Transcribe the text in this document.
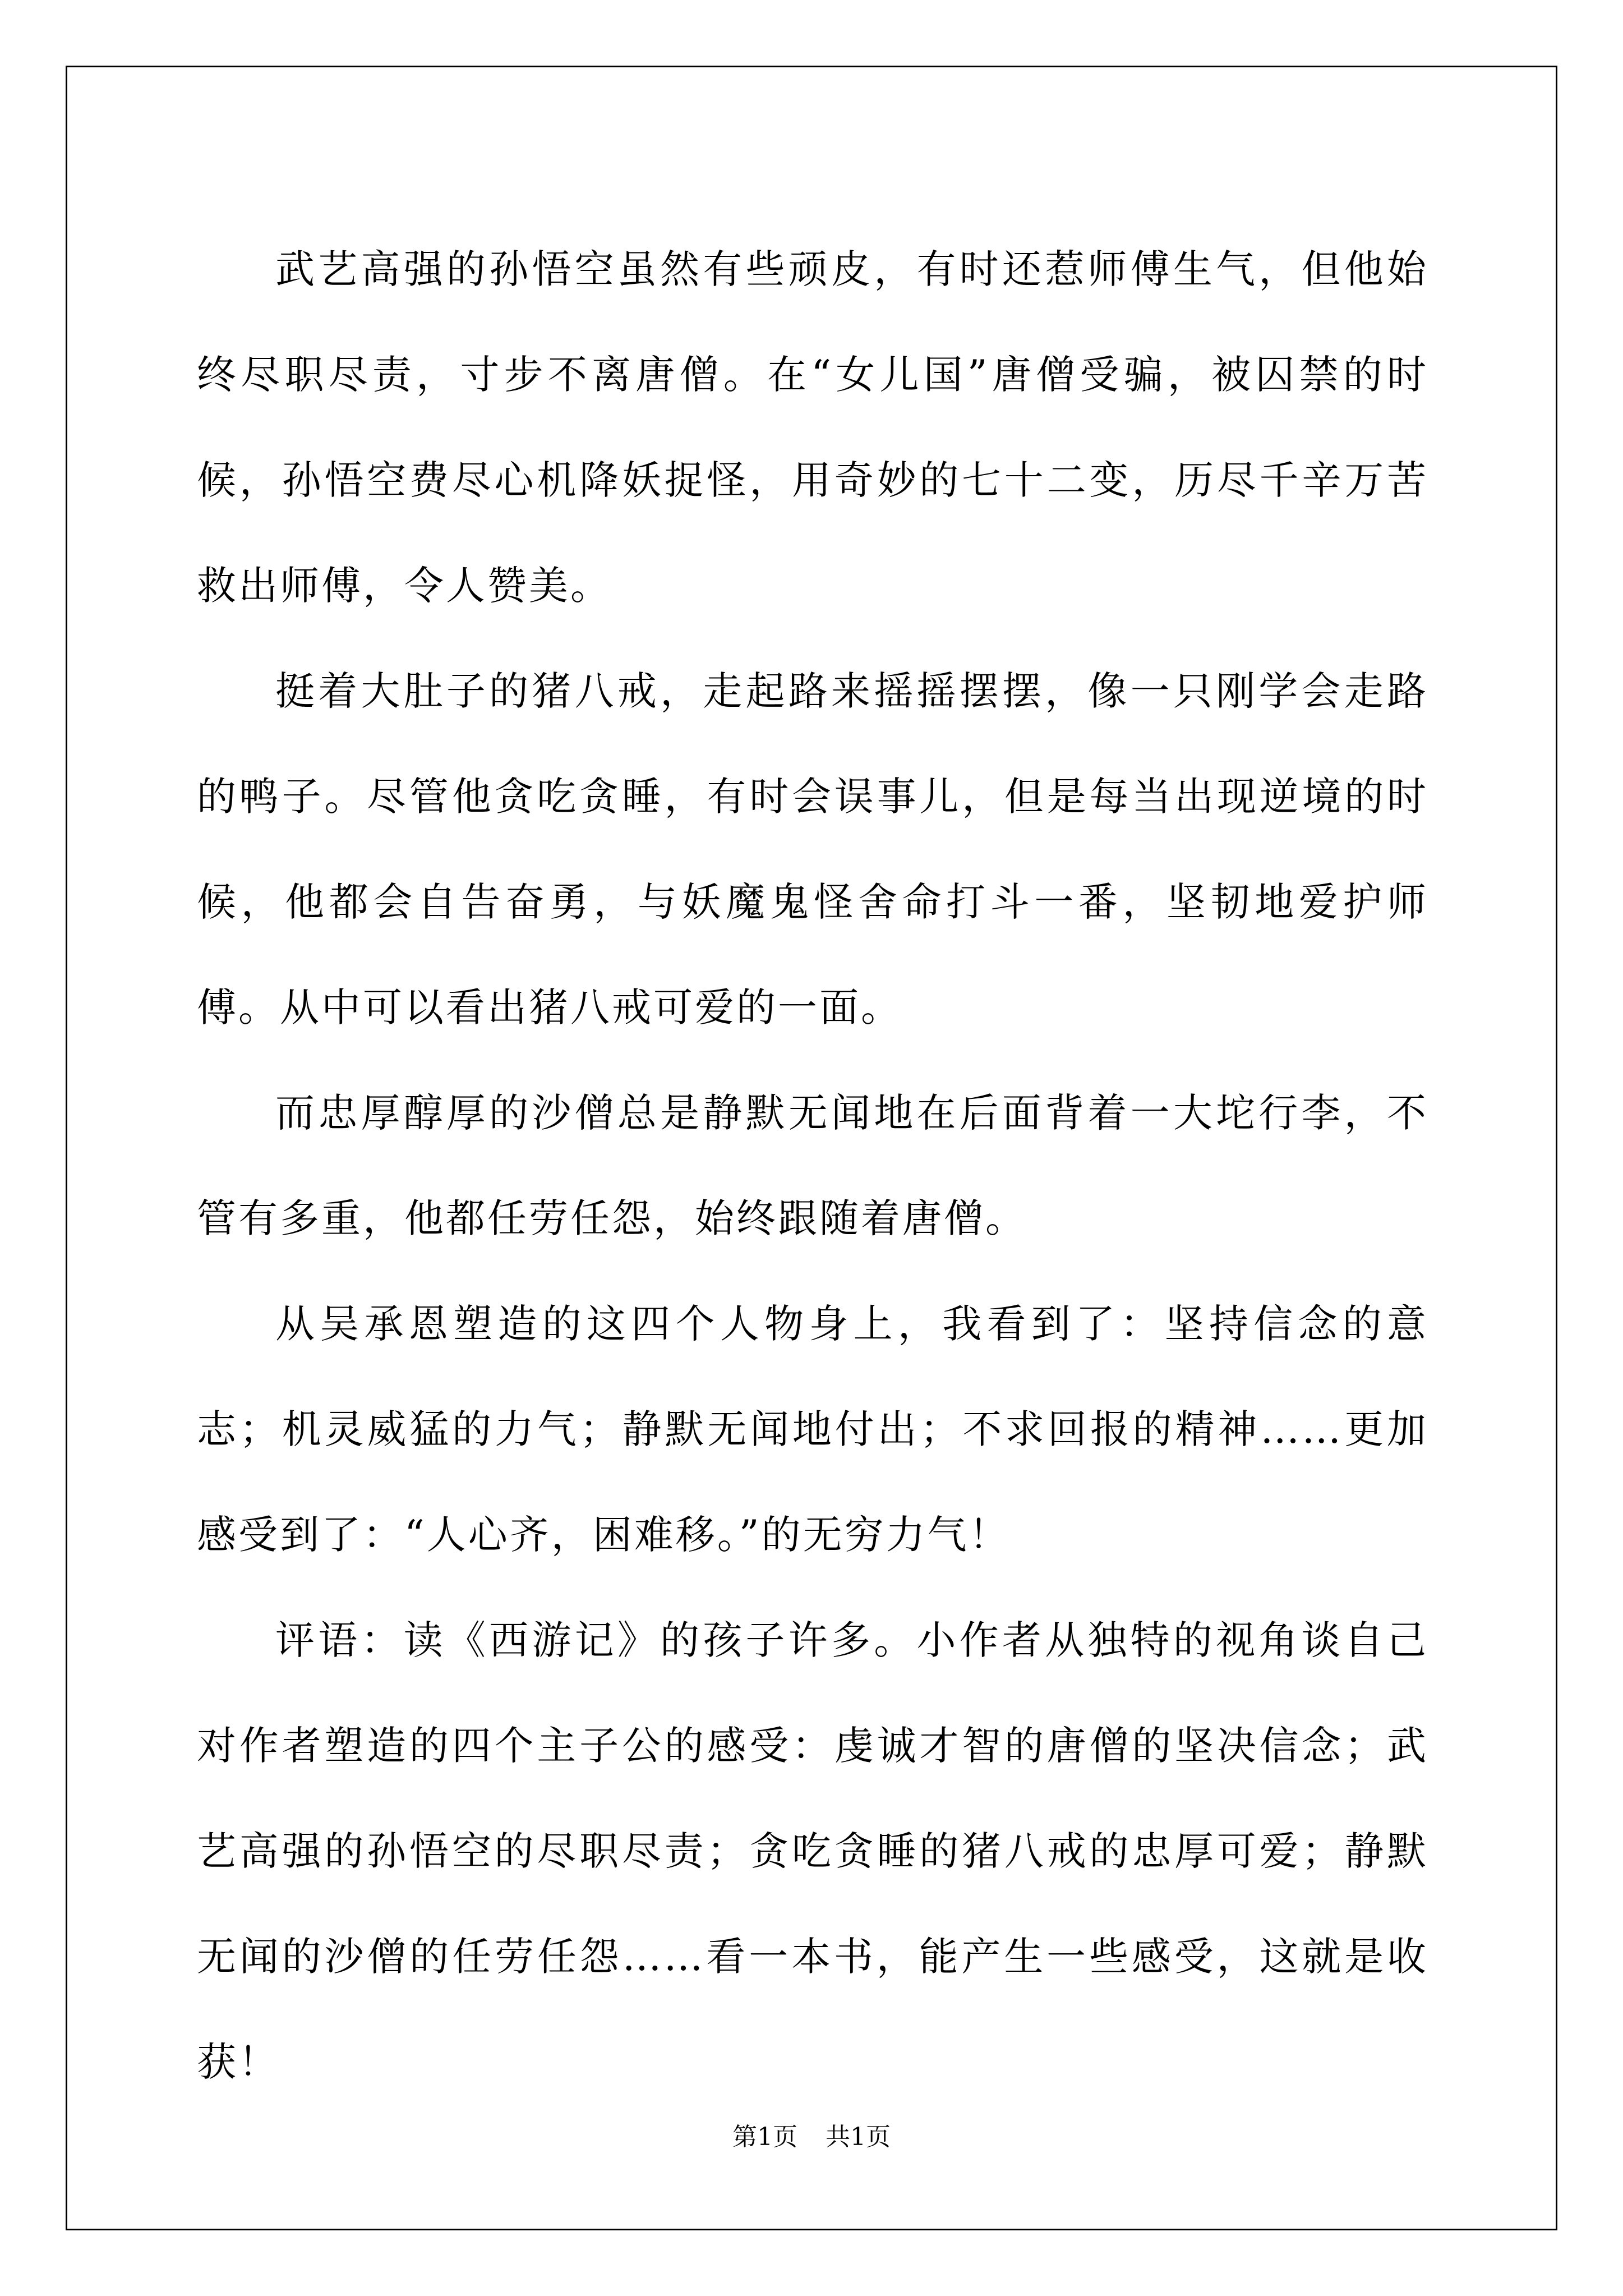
武艺高强的孙悟空虽然有些顽皮，有时还惹师傅生气，但他始终尽职尽责，寸步不离唐僧。在“女儿国”唐僧受骗，被囚禁的时候，孙悟空费尽心机降妖捉怪，用奇妙的七十二变，历尽千辛万苦救出师傅，令人赞美。

挺着大肚子的猪八戒，走起路来摇摇摆摆，像一只刚学会走路的鸭子。尽管他贪吃贪睡，有时会误事儿，但是每当出现逆境的时候，他都会自告奋勇，与妖魔鬼怪舍命打斗一番，坚韧地爱护师傅。从中可以看出猪八戒可爱的一面。

而忠厚醇厚的沙僧总是静默无闻地在后面背着一大坨行李，不管有多重，他都任劳任怨，始终跟随着唐僧。

从吴承恩塑造的这四个人物身上，我看到了：坚持信念的意志；机灵威猛的力气；静默无闻地付出；不求回报的精神……更加感受到了：“人心齐，困难移。”的无穷力气！

评语：读《西游记》的孩子许多。小作者从独特的视角谈自己对作者塑造的四个主子公的感受：虔诚才智的唐僧的坚决信念；武艺高强的孙悟空的尽职尽责；贪吃贪睡的猪八戒的忠厚可爱；静默无闻的沙僧的任劳任怨……看一本书，能产生一些感受，这就是收获！

第1页 共1页
